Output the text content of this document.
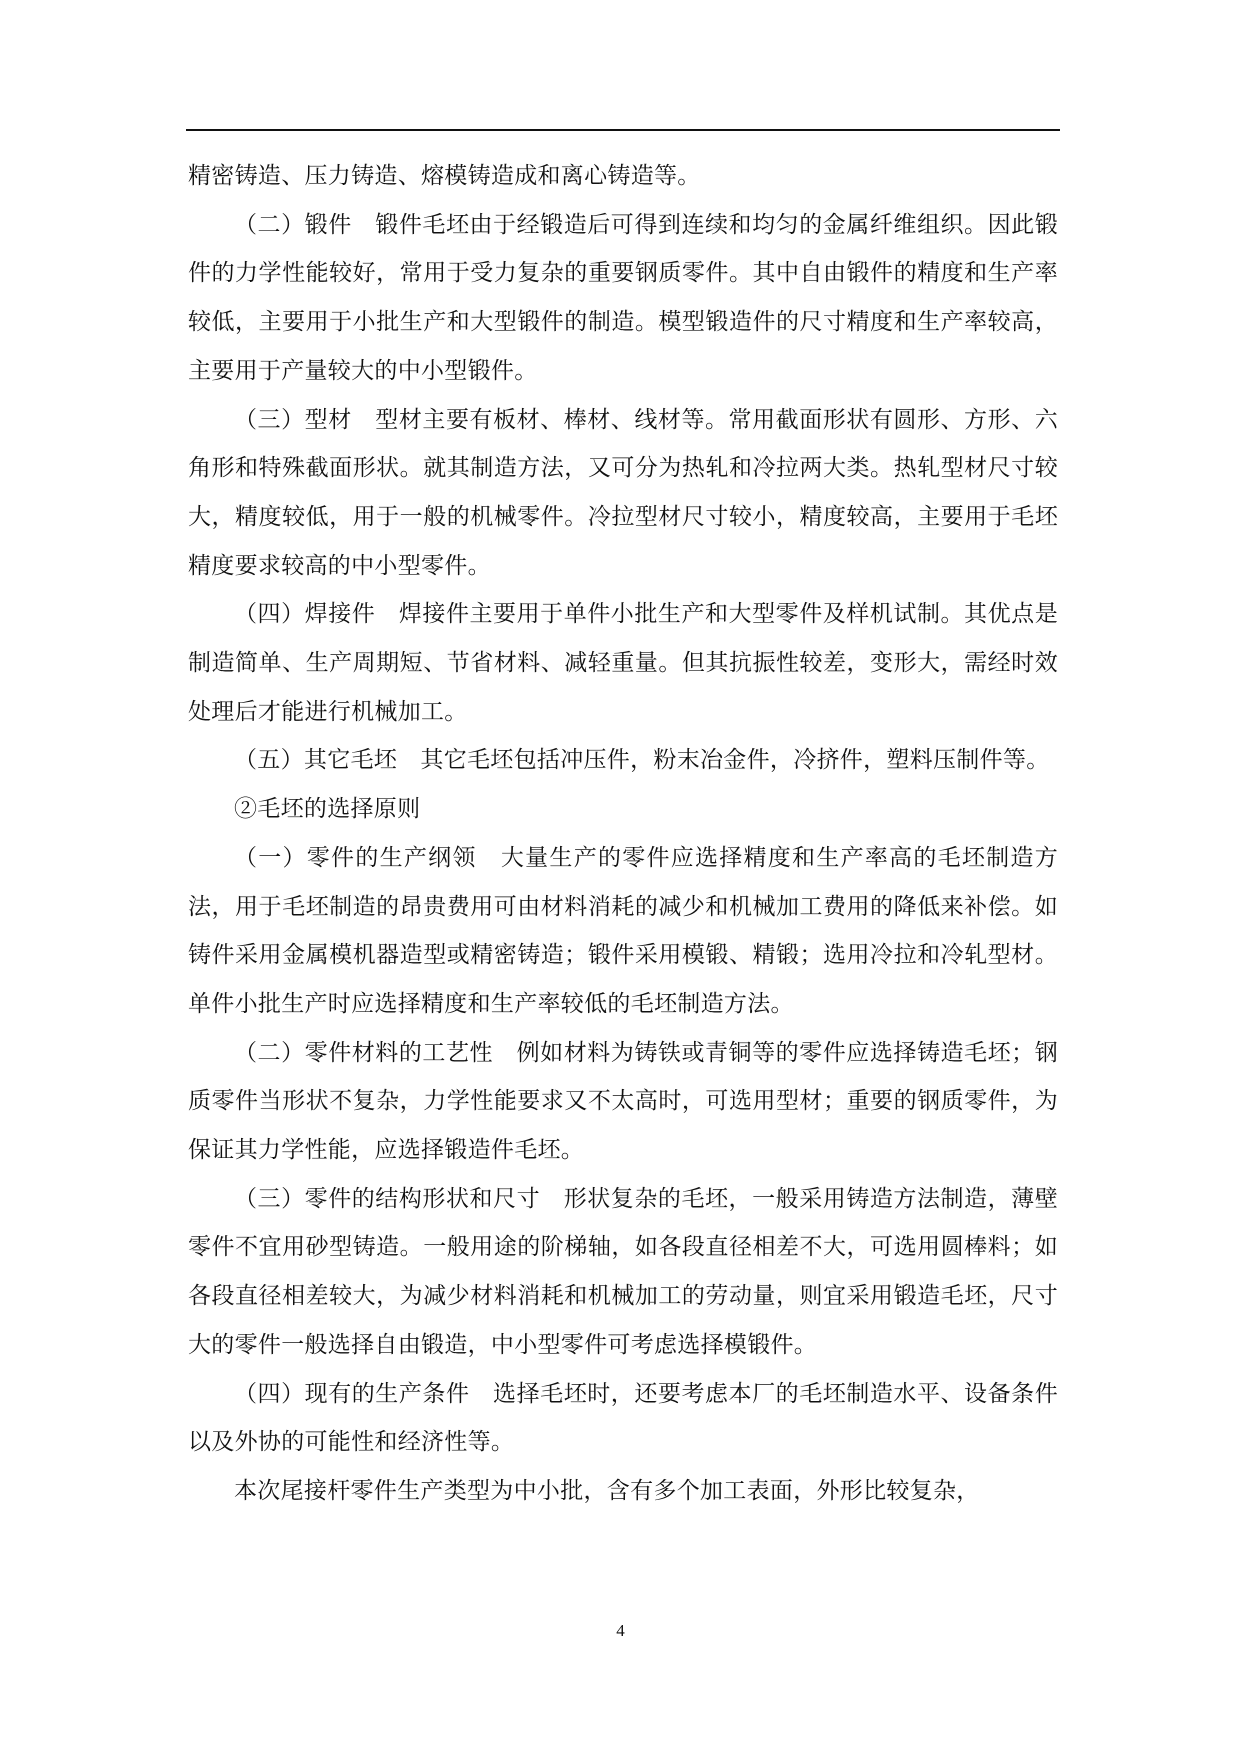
精密铸造、压力铸造、熔模铸造成和离心铸造等。

（二）锻件　锻件毛坯由于经锻造后可得到连续和均匀的金属纤维组织。因此锻件的力学性能较好，常用于受力复杂的重要钢质零件。其中自由锻件的精度和生产率较低，主要用于小批生产和大型锻件的制造。模型锻造件的尺寸精度和生产率较高，主要用于产量较大的中小型锻件。

（三）型材　型材主要有板材、棒材、线材等。常用截面形状有圆形、方形、六角形和特殊截面形状。就其制造方法，又可分为热轧和冷拉两大类。热轧型材尺寸较大，精度较低，用于一般的机械零件。冷拉型材尺寸较小，精度较高，主要用于毛坯精度要求较高的中小型零件。

（四）焊接件　焊接件主要用于单件小批生产和大型零件及样机试制。其优点是制造简单、生产周期短、节省材料、减轻重量。但其抗振性较差，变形大，需经时效处理后才能进行机械加工。

（五）其它毛坯　其它毛坯包括冲压件，粉末冶金件，冷挤件，塑料压制件等。

②毛坯的选择原则

（一）零件的生产纲领　大量生产的零件应选择精度和生产率高的毛坯制造方法，用于毛坯制造的昂贵费用可由材料消耗的减少和机械加工费用的降低来补偿。如铸件采用金属模机器造型或精密铸造；锻件采用模锻、精锻；选用冷拉和冷轧型材。单件小批生产时应选择精度和生产率较低的毛坯制造方法。

（二）零件材料的工艺性　例如材料为铸铁或青铜等的零件应选择铸造毛坯；钢质零件当形状不复杂，力学性能要求又不太高时，可选用型材；重要的钢质零件，为保证其力学性能，应选择锻造件毛坯。

（三）零件的结构形状和尺寸　形状复杂的毛坯，一般采用铸造方法制造，薄壁零件不宜用砂型铸造。一般用途的阶梯轴，如各段直径相差不大，可选用圆棒料；如各段直径相差较大，为减少材料消耗和机械加工的劳动量，则宜采用锻造毛坯，尺寸大的零件一般选择自由锻造，中小型零件可考虑选择模锻件。

（四）现有的生产条件　选择毛坯时，还要考虑本厂的毛坯制造水平、设备条件以及外协的可能性和经济性等。

本次尾接杆零件生产类型为中小批，含有多个加工表面，外形比较复杂，

4
